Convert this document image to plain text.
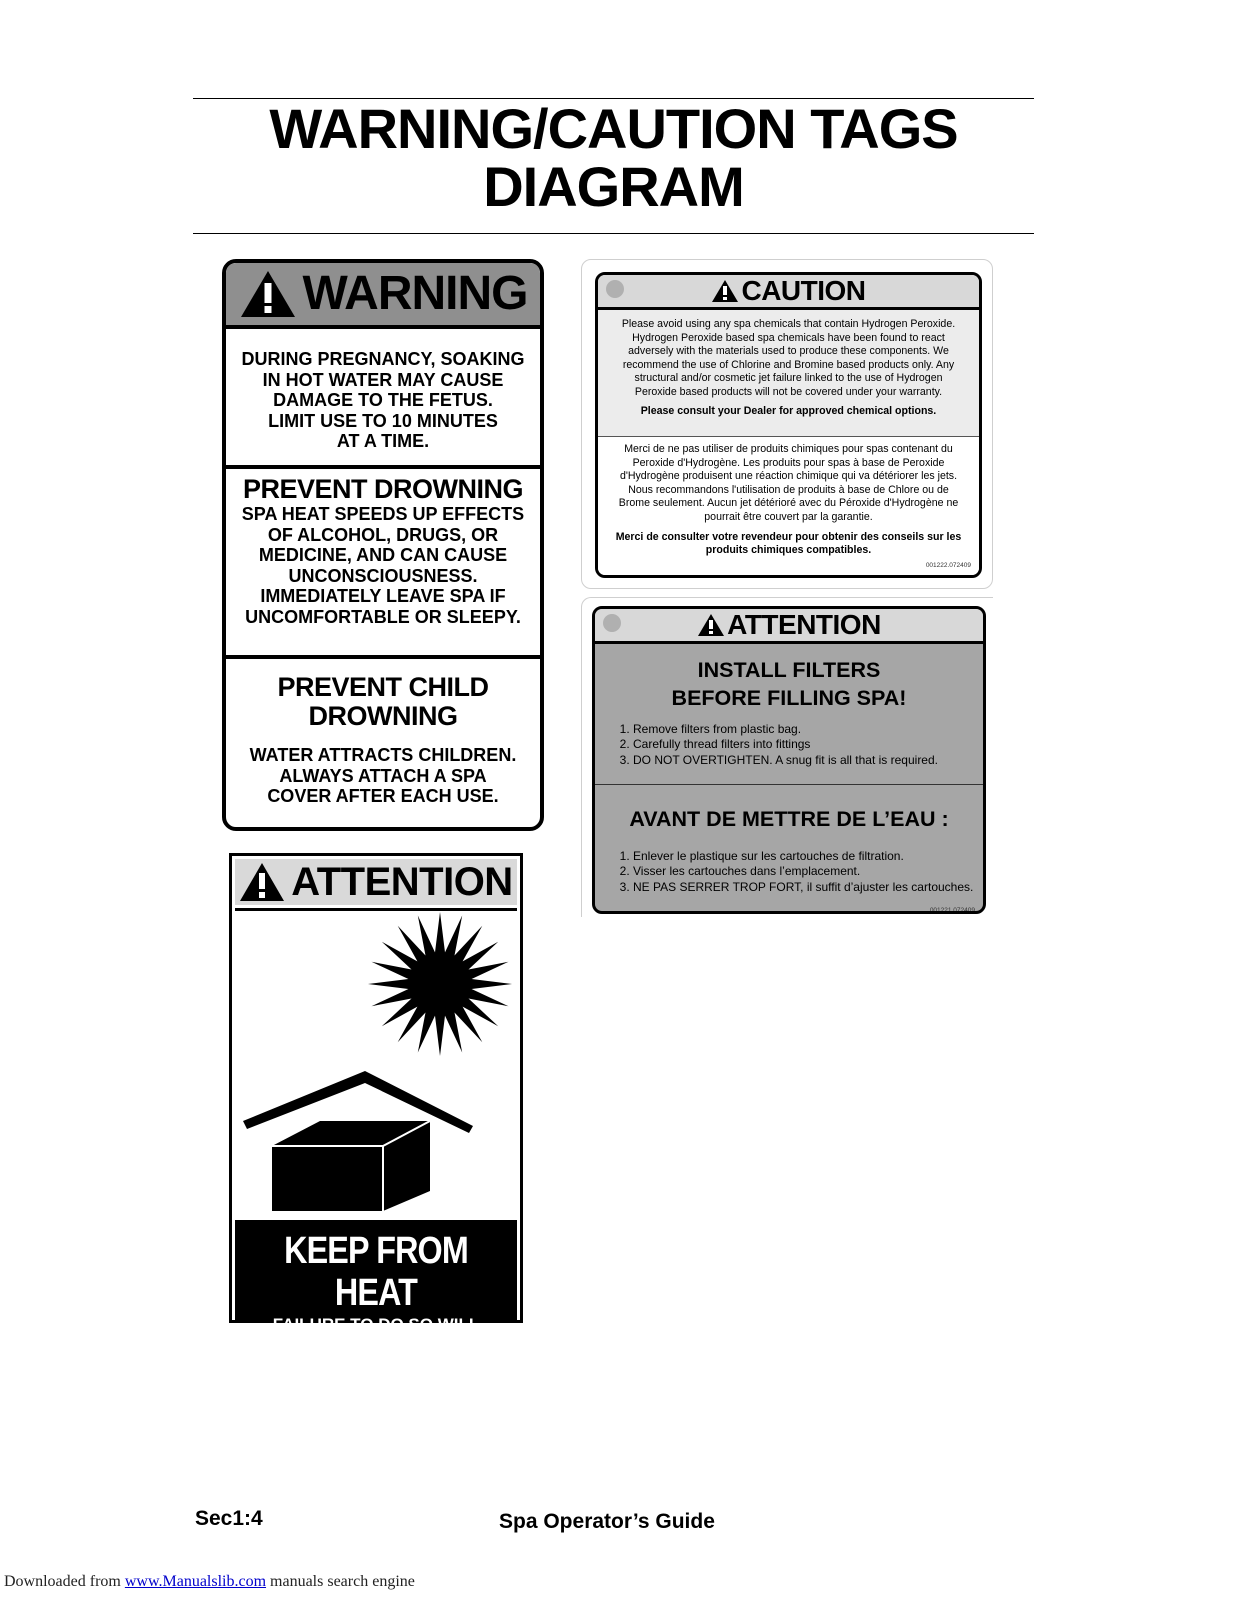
WARNING/CAUTION TAGS
DIAGRAM
WARNING
DURING PREGNANCY, SOAKING
IN HOT WATER MAY CAUSE
DAMAGE TO THE FETUS.
LIMIT USE TO 10 MINUTES
AT A TIME.
PREVENT DROWNING
SPA HEAT SPEEDS UP EFFECTS
OF ALCOHOL, DRUGS, OR
MEDICINE, AND CAN CAUSE
UNCONSCIOUSNESS.
IMMEDIATELY LEAVE SPA IF
UNCOMFORTABLE OR SLEEPY.
PREVENT CHILD
DROWNING
WATER ATTRACTS CHILDREN.
ALWAYS ATTACH A SPA
COVER AFTER EACH USE.
ATTENTION
KEEP FROM HEAT
FAILURE TO DO SO WILL
RESULT IN VOID OF WARRANTY.
CAUTION
Please avoid using any spa chemicals that contain Hydrogen Peroxide.
Hydrogen Peroxide based spa chemicals have been found to react
adversely with the materials used to produce these components. We
recommend the use of Chlorine and Bromine based products only. Any
structural and/or cosmetic jet failure linked to the use of Hydrogen
Peroxide based products will not be covered under your warranty.
Please consult your Dealer for approved chemical options.
Merci de ne pas utiliser de produits chimiques pour spas contenant du
Peroxide d'Hydrogène. Les produits pour spas à base de Peroxide
d'Hydrogène produisent une réaction chimique qui va détériorer les jets.
Nous recommandons l'utilisation de produits à base de Chlore ou de
Brome seulement. Aucun jet détérioré avec du Péroxide d'Hydrogène ne
pourrait être couvert par la garantie.
Merci de consulter votre revendeur pour obtenir des conseils sur les
produits chimiques compatibles.
001222.072409
ATTENTION
INSTALL FILTERS
BEFORE FILLING SPA!
1. Remove filters from plastic bag.
2. Carefully thread filters into fittings
3. DO NOT OVERTIGHTEN. A snug fit is all that is required.
AVANT DE METTRE DE L’EAU :
1. Enlever le plastique sur les cartouches de filtration.
2. Visser les cartouches dans l’emplacement.
3. NE PAS SERRER TROP FORT, il suffit d’ajuster les cartouches.
001221.072409
Sec1:4	Spa Operator’s Guide
Downloaded from www.Manualslib.com manuals search engine
